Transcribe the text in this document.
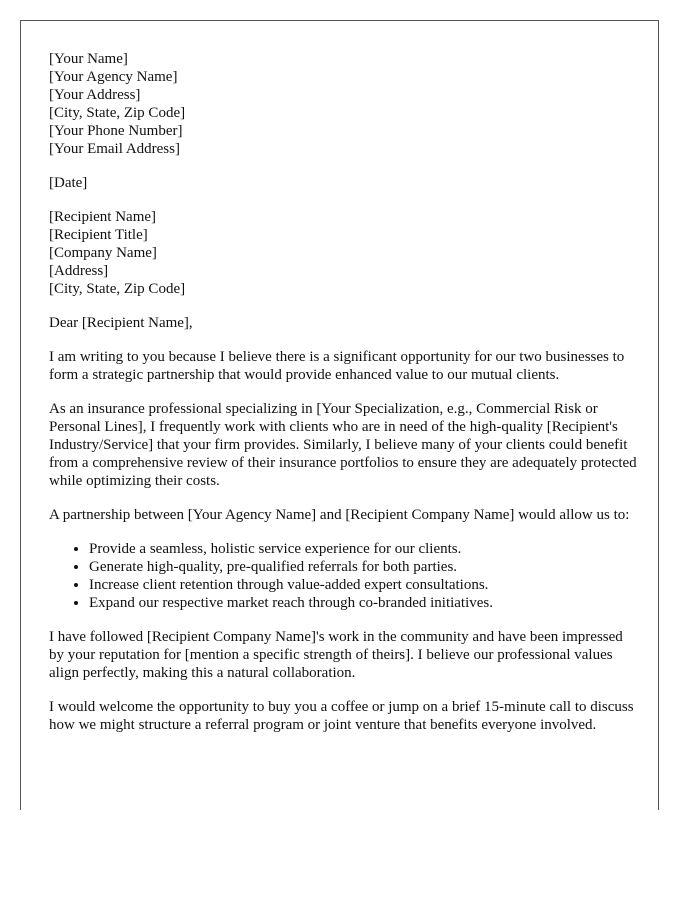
[Your Name]
[Your Agency Name]
[Your Address]
[City, State, Zip Code]
[Your Phone Number]
[Your Email Address]
[Date]
[Recipient Name]
[Recipient Title]
[Company Name]
[Address]
[City, State, Zip Code]

Dear [Recipient Name],

I am writing to you because I believe there is a significant opportunity for our two businesses to form a strategic partnership that would provide enhanced value to our mutual clients.

As an insurance professional specializing in [Your Specialization, e.g., Commercial Risk or Personal Lines], I frequently work with clients who are in need of the high-quality [Recipient's Industry/Service] that your firm provides. Similarly, I believe many of your clients could benefit from a comprehensive review of their insurance portfolios to ensure they are adequately protected while optimizing their costs.

A partnership between [Your Agency Name] and [Recipient Company Name] would allow us to:

• Provide a seamless, holistic service experience for our clients.
• Generate high-quality, pre-qualified referrals for both parties.
• Increase client retention through value-added expert consultations.
• Expand our respective market reach through co-branded initiatives.

I have followed [Recipient Company Name]'s work in the community and have been impressed by your reputation for [mention a specific strength of theirs]. I believe our professional values align perfectly, making this a natural collaboration.

I would welcome the opportunity to buy you a coffee or jump on a brief 15-minute call to discuss how we might structure a referral program or joint venture that benefits everyone involved.
